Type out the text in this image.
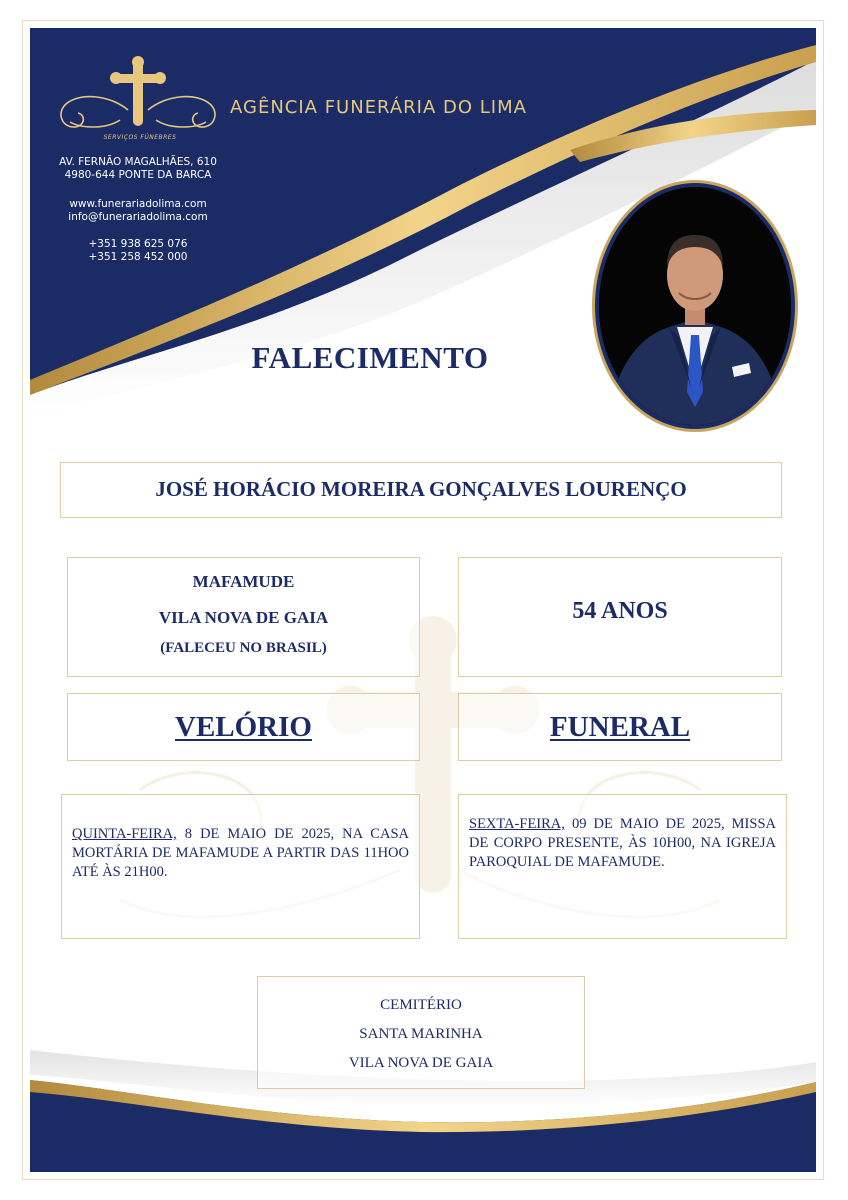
SERVIÇOS FÚNEBRES
AGÊNCIA FUNERÁRIA DO LIMA
AV. FERNÃO MAGALHÃES, 610
4980-644 PONTE DA BARCA
www.funerariadolima.com
info@funerariadolima.com
+351 938 625 076
+351 258 452 000
FALECIMENTO
JOSÉ HORÁCIO MOREIRA GONÇALVES LOURENÇO
MAFAMUDE
VILA NOVA DE GAIA
(FALECEU NO BRASIL)
54 ANOS
VELÓRIO	FUNERAL
QUINTA-FEIRA, 8 DE MAIO DE 2025, NA CASA MORTÁRIA DE MAFAMUDE A PARTIR DAS 11HOO ATÉ ÀS 21H00.
SEXTA-FEIRA, 09 DE MAIO DE 2025, MISSA DE CORPO PRESENTE, ÀS 10H00, NA IGREJA PAROQUIAL DE MAFAMUDE.
CEMITÉRIO
SANTA MARINHA
VILA NOVA DE GAIA
